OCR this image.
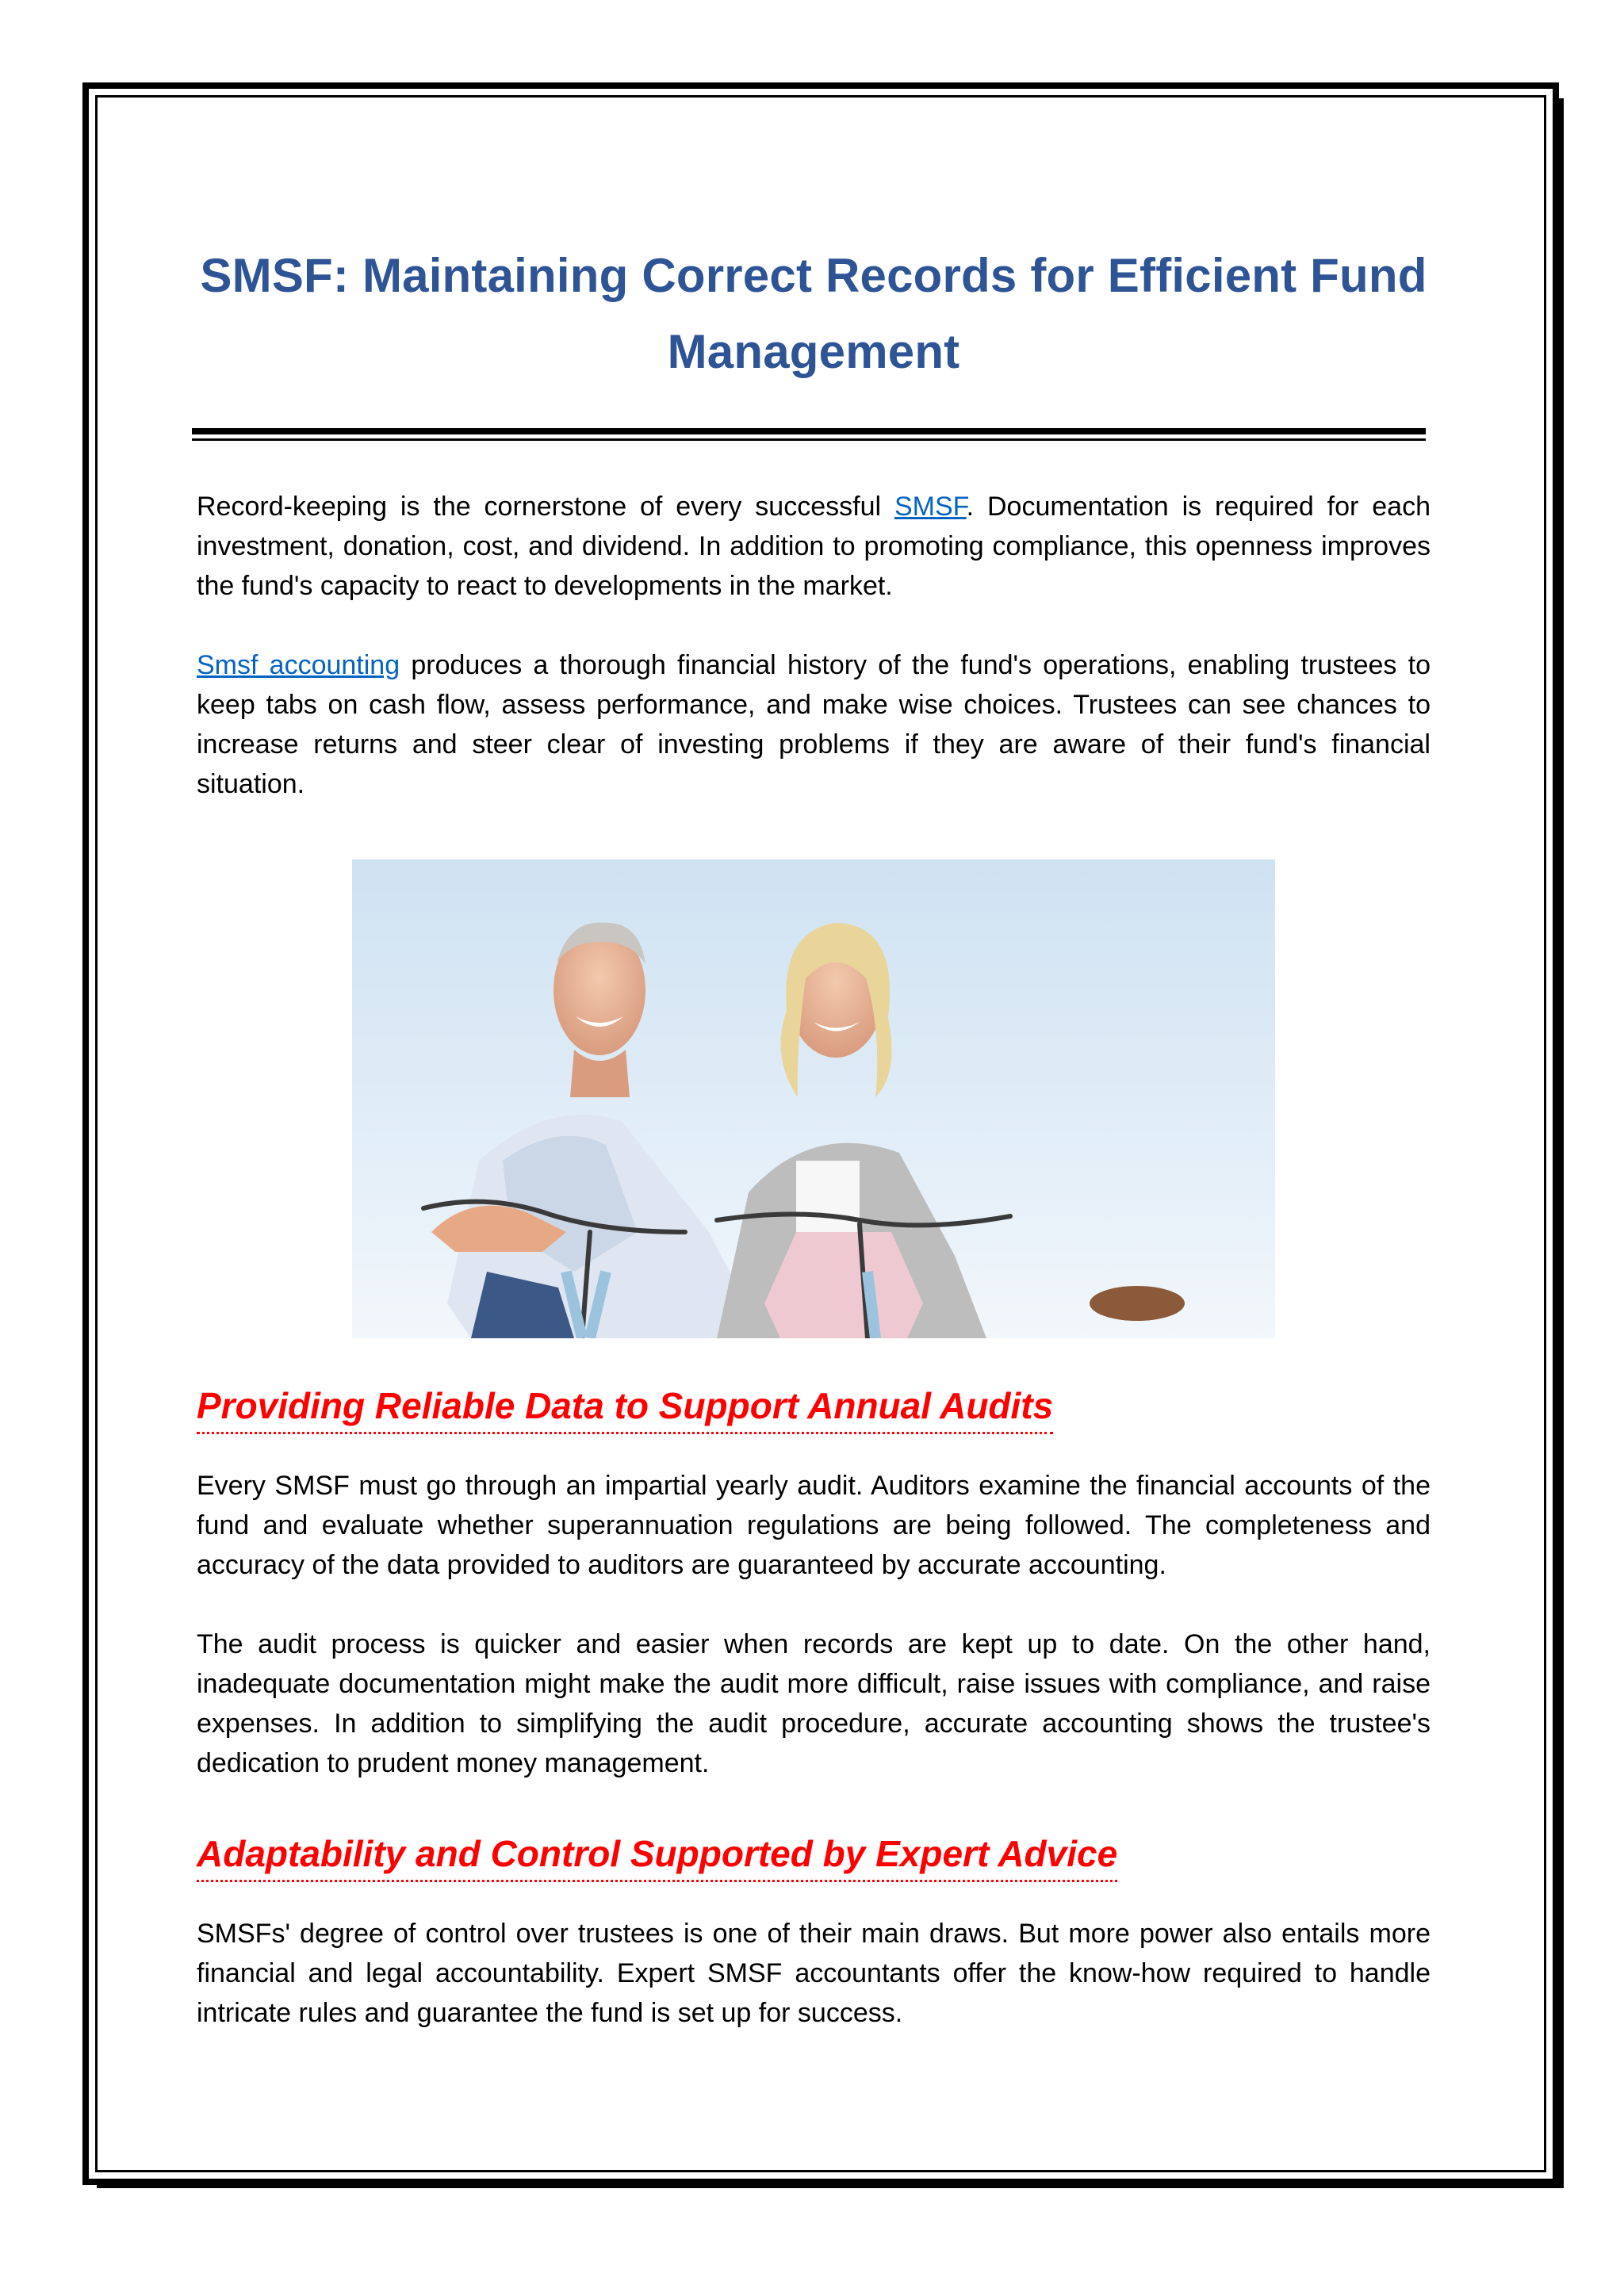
SMSF: Maintaining Correct Records for Efficient Fund Management

Record-keeping is the cornerstone of every successful SMSF. Documentation is required for each investment, donation, cost, and dividend. In addition to promoting compliance, this openness improves the fund's capacity to react to developments in the market.

Smsf accounting produces a thorough financial history of the fund's operations, enabling trustees to keep tabs on cash flow, assess performance, and make wise choices. Trustees can see chances to increase returns and steer clear of investing problems if they are aware of their fund's financial situation.

Providing Reliable Data to Support Annual Audits

Every SMSF must go through an impartial yearly audit. Auditors examine the financial accounts of the fund and evaluate whether superannuation regulations are being followed. The completeness and accuracy of the data provided to auditors are guaranteed by accurate accounting.

The audit process is quicker and easier when records are kept up to date. On the other hand, inadequate documentation might make the audit more difficult, raise issues with compliance, and raise expenses. In addition to simplifying the audit procedure, accurate accounting shows the trustee's dedication to prudent money management.

Adaptability and Control Supported by Expert Advice

SMSFs' degree of control over trustees is one of their main draws. But more power also entails more financial and legal accountability. Expert SMSF accountants offer the know-how required to handle intricate rules and guarantee the fund is set up for success.
